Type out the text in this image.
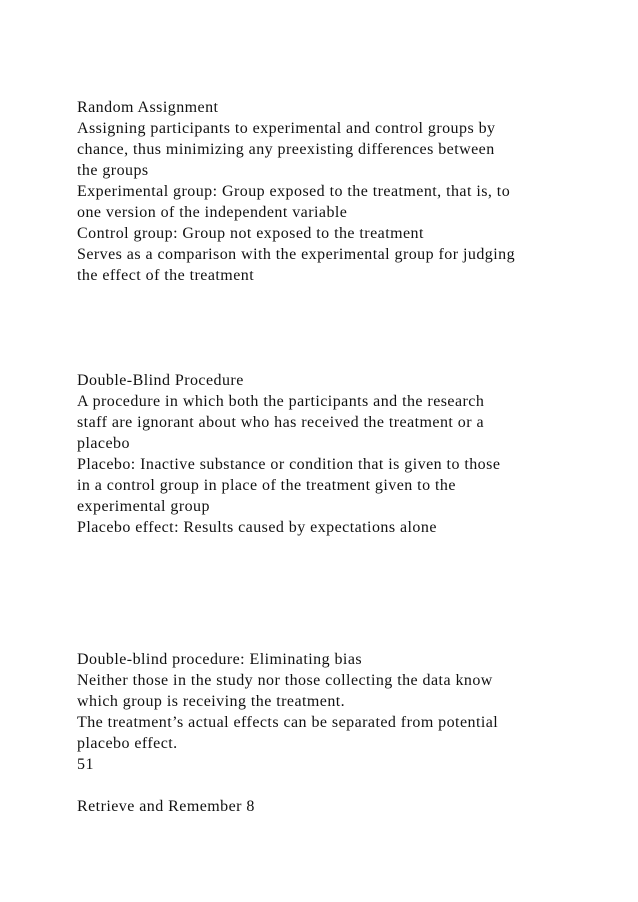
Random Assignment
Assigning participants to experimental and control groups by
chance, thus minimizing any preexisting differences between
the groups
Experimental group: Group exposed to the treatment, that is, to
one version of the independent variable
Control group: Group not exposed to the treatment
Serves as a comparison with the experimental group for judging
the effect of the treatment
Double-Blind Procedure
A procedure in which both the participants and the research
staff are ignorant about who has received the treatment or a
placebo
Placebo: Inactive substance or condition that is given to those
in a control group in place of the treatment given to the
experimental group
Placebo effect: Results caused by expectations alone
Double-blind procedure: Eliminating bias
Neither those in the study nor those collecting the data know
which group is receiving the treatment.
The treatment’s actual effects can be separated from potential
placebo effect.
51
Retrieve and Remember 8
